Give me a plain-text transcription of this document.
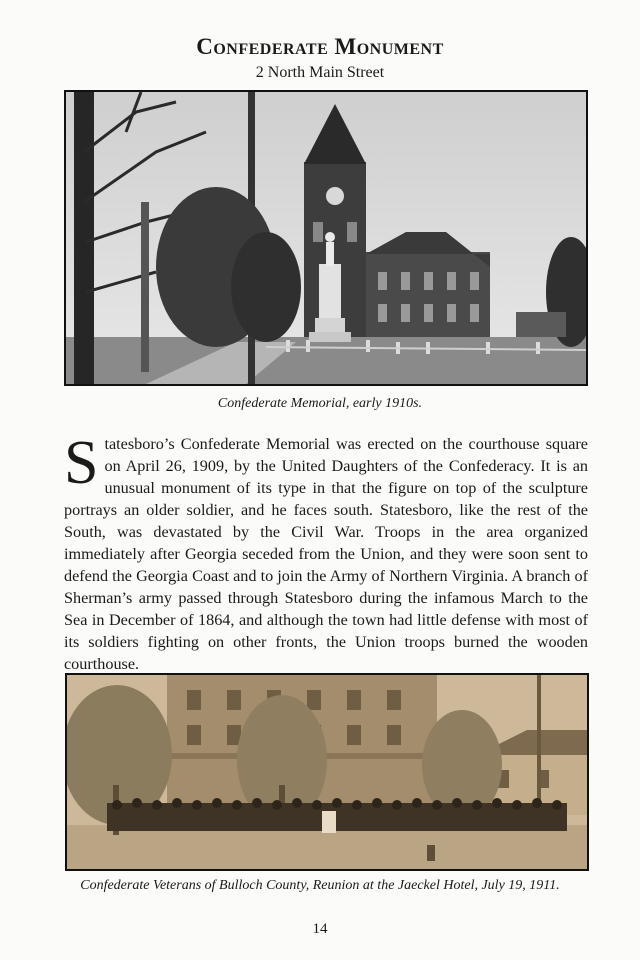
Confederate Monument
2 North Main Street
Confederate Memorial, early 1910s.

Statesboro’s Confederate Memorial was erected on the courthouse square on April 26, 1909, by the United Daughters of the Confederacy. It is an unusual monument of its type in that the figure on top of the sculpture portrays an older soldier, and he faces south. Statesboro, like the rest of the South, was devastated by the Civil War. Troops in the area organized immediately after Georgia seceded from the Union, and they were soon sent to defend the Georgia Coast and to join the Army of Northern Virginia. A branch of Sherman’s army passed through Statesboro during the infamous March to the Sea in December of 1864, and although the town had little defense with most of its soldiers fighting on other fronts, the Union troops burned the wooden courthouse.

Confederate Veterans of Bulloch County, Reunion at the Jaeckel Hotel, July 19, 1911.
14
